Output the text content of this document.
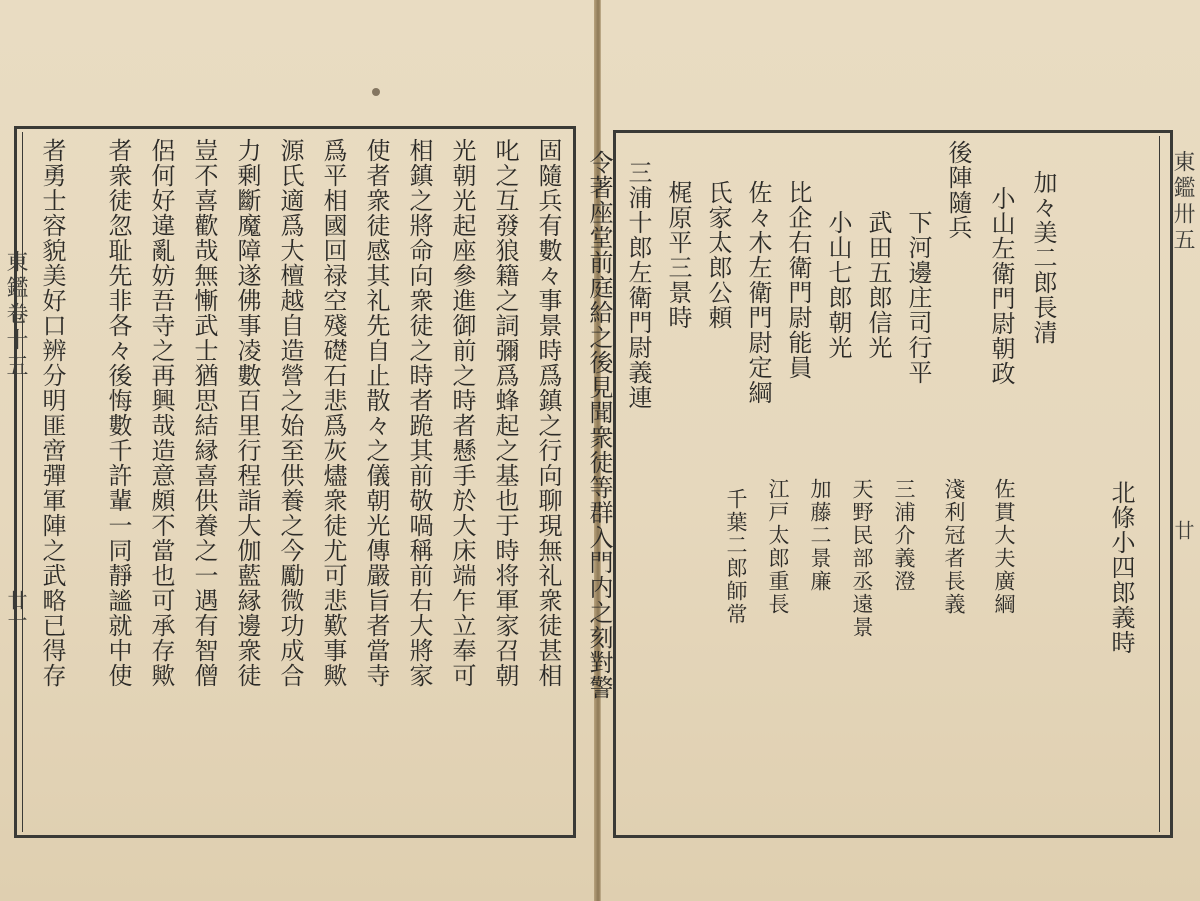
固隨兵有數々事景時爲鎮之行向聊現無礼衆徒甚相
叱之互發狼籍之詞彌爲蜂起之基也于時将軍家召朝
光朝光起座參進御前之時者懸手於大床端乍立奉可
相鎮之將命向衆徒之時者跪其前敬喎稱前右大將家
使者衆徒感其礼先自止散々之儀朝光傳嚴旨者當寺
爲平相國回禄空殘礎石悲爲灰燼衆徒尤可悲歎事歟
源氏適爲大檀越自造營之始至供養之今勵微功成合
力剰斷魔障遂佛事凌數百里行程詣大伽藍縁邊衆徒
豈不喜歡哉無慚武士猶思結縁喜供養之一遇有智僧
侶何好違亂妨吾寺之再興哉造意頗不當也可承存歟
者衆徒忽耻先非各々後悔數千許輩一同靜謐就中使
者勇士容貌美好口辨分明匪啻彈軍陣之武略已得存
東鑑卷十五
廿一	北條小四郎義時
佐貫大夫廣綱
淺利冠者長義
三浦介義澄
天野民部丞遠景
加藤二景廉
江戸太郎重長
千葉二郎師常
加々美二郎長清
小山左衛門尉朝政
後陣隨兵
下河邊庄司行平
武田五郎信光
小山七郎朝光
比企右衛門尉能員
佐々木左衛門尉定綱
氏家太郎公頼
梶原平三景時
三浦十郎左衛門尉義連
令著座堂前庭給之後見聞衆徒等群入門内之刻對警	東鑑卅五
廿
